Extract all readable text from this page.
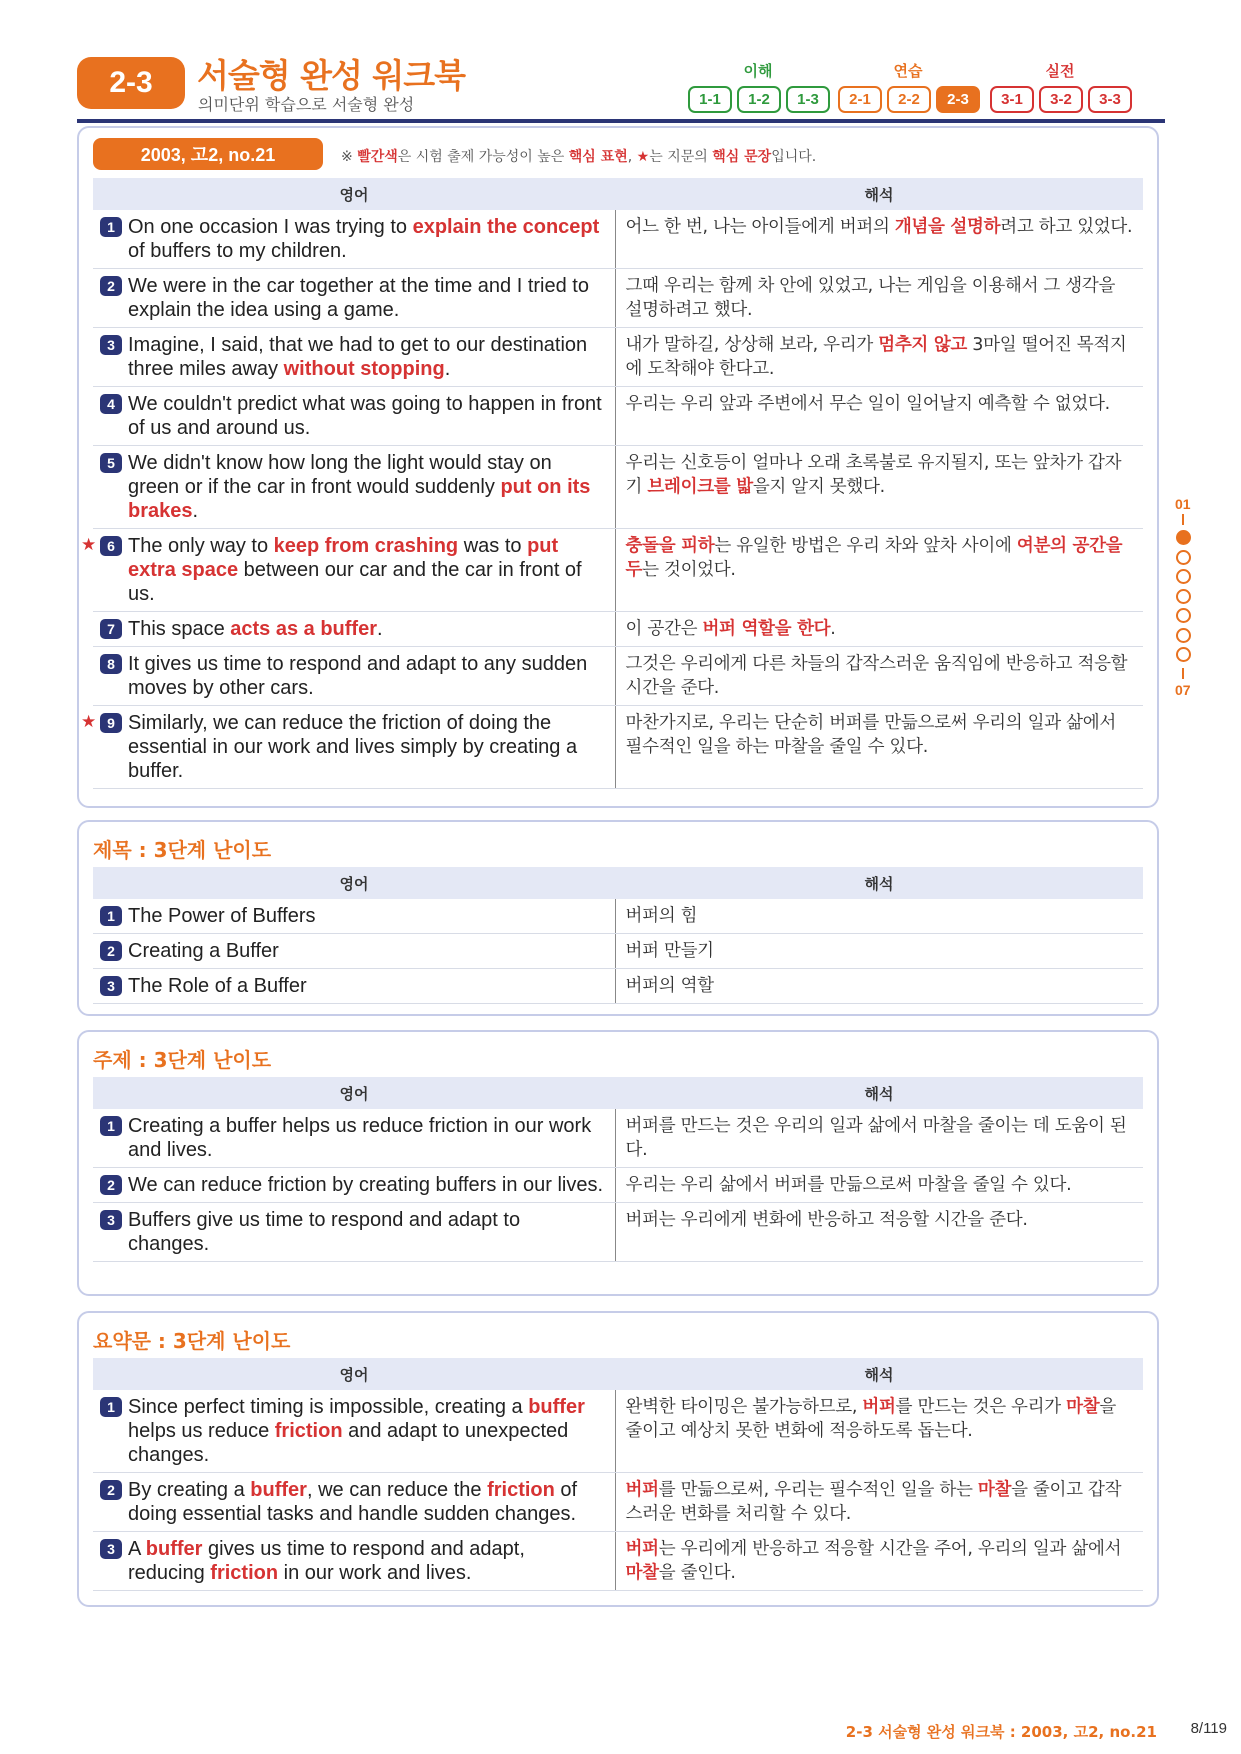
2-3	서술형 완성 워크북
의미단위 학습으로 서술형 완성
이해
1-1	1-2	1-3
연습
2-1	2-2	2-3
실전
3-1	3-2	3-3
2003, 고2, no.21	※ 빨간색은 시험 출제 가능성이 높은 핵심 표현, ★는 지문의 핵심 문장입니다.
영어	해석

1 On one occasion I was trying to explain the concept of buffers to my children.	어느 한 번, 나는 아이들에게 버퍼의 개념을 설명하려고 하고 있었다.

2 We were in the car together at the time and I tried to explain the idea using a game.	그때 우리는 함께 차 안에 있었고, 나는 게임을 이용해서 그 생각을 설명하려고 했다.

3 Imagine, I said, that we had to get to our destination three miles away without stopping.	내가 말하길, 상상해 보라, 우리가 멈추지 않고 3마일 떨어진 목적지에 도착해야 한다고.

4 We couldn't predict what was going to happen in front of us and around us.	우리는 우리 앞과 주변에서 무슨 일이 일어날지 예측할 수 없었다.

5 We didn't know how long the light would stay on green or if the car in front would suddenly put on its brakes.	우리는 신호등이 얼마나 오래 초록불로 유지될지, 또는 앞차가 갑자기 브레이크를 밟을지 알지 못했다.

★ 6 The only way to keep from crashing was to put extra space between our car and the car in front of us.	충돌을 피하는 유일한 방법은 우리 차와 앞차 사이에 여분의 공간을 두는 것이었다.

7 This space acts as a buffer.	이 공간은 버퍼 역할을 한다.

8 It gives us time to respond and adapt to any sudden moves by other cars.	그것은 우리에게 다른 차들의 갑작스러운 움직임에 반응하고 적응할 시간을 준다.

★ 9 Similarly, we can reduce the friction of doing the essential in our work and lives simply by creating a buffer.	마찬가지로, 우리는 단순히 버퍼를 만듦으로써 우리의 일과 삶에서 필수적인 일을 하는 마찰을 줄일 수 있다.
제목 : 3단계 난이도
영어	해석

1 The Power of Buffers	버퍼의 힘

2 Creating a Buffer	버퍼 만들기

3 The Role of a Buffer	버퍼의 역할
주제 : 3단계 난이도
영어	해석

1 Creating a buffer helps us reduce friction in our work and lives.	버퍼를 만드는 것은 우리의 일과 삶에서 마찰을 줄이는 데 도움이 된다.

2 We can reduce friction by creating buffers in our lives.	우리는 우리 삶에서 버퍼를 만듦으로써 마찰을 줄일 수 있다.

3 Buffers give us time to respond and adapt to changes.	버퍼는 우리에게 변화에 반응하고 적응할 시간을 준다.
요약문 : 3단계 난이도
영어	해석

1 Since perfect timing is impossible, creating a buffer helps us reduce friction and adapt to unexpected changes.	완벽한 타이밍은 불가능하므로, 버퍼를 만드는 것은 우리가 마찰을 줄이고 예상치 못한 변화에 적응하도록 돕는다.

2 By creating a buffer, we can reduce the friction of doing essential tasks and handle sudden changes.	버퍼를 만듦으로써, 우리는 필수적인 일을 하는 마찰을 줄이고 갑작스러운 변화를 처리할 수 있다.

3 A buffer gives us time to respond and adapt, reducing friction in our work and lives.	버퍼는 우리에게 반응하고 적응할 시간을 주어, 우리의 일과 삶에서 마찰을 줄인다.
01
07
2-3 서술형 완성 워크북 : 2003, 고2, no.21 8/119
